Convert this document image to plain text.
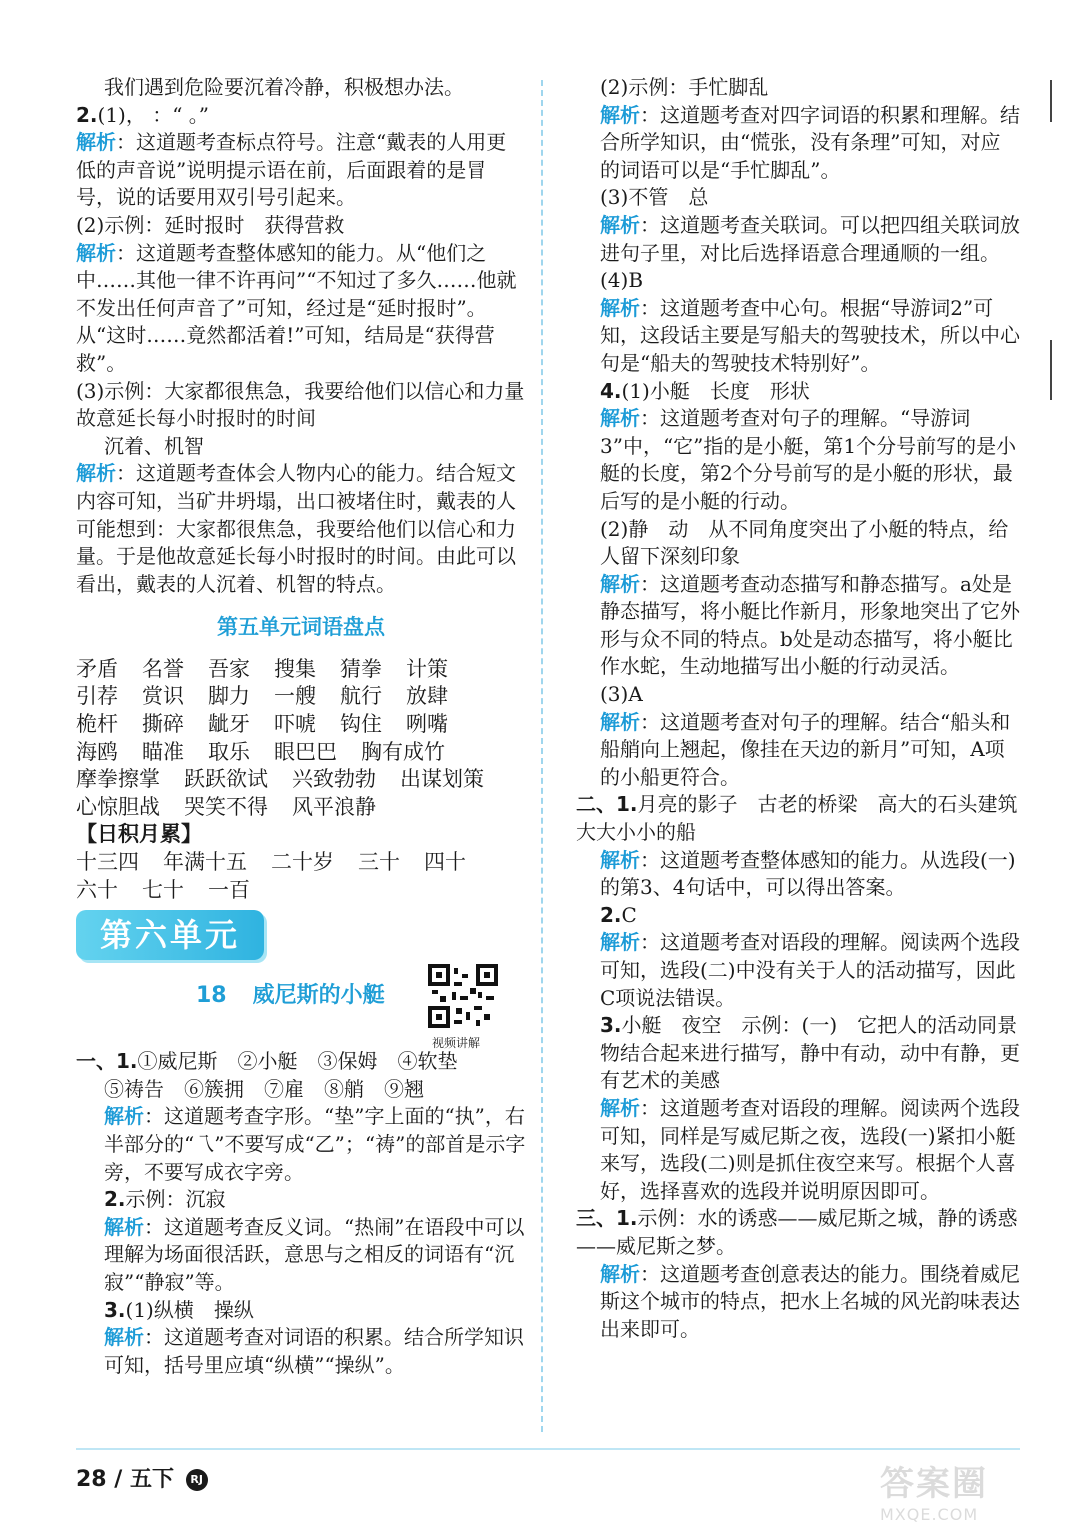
我们遇到危险要沉着冷静，积极想办法。

2.(1)， ：“ 。”

解析：这道题考查标点符号。注意“戴表的人用更低的声音说”说明提示语在前，后面跟着的是冒号，说的话要用双引号引起来。

(2)示例：延时报时　获得营救

解析：这道题考查整体感知的能力。从“他们之中……其他一律不许再问”“不知过了多久……他就不发出任何声音了”可知，经过是“延时报时”。从“这时……竟然都活着!”可知，结局是“获得营救”。

(3)示例：大家都很焦急，我要给他们以信心和力量　故意延长每小时报时的时间

沉着、机智

解析：这道题考查体会人物内心的能力。结合短文内容可知，当矿井坍塌，出口被堵住时，戴表的人可能想到：大家都很焦急，我要给他们以信心和力量。于是他故意延长每小时报时的时间。由此可以看出，戴表的人沉着、机智的特点。

第五单元词语盘点

矛盾 名誉 吾家 搜集 猜拳 计策

引荐 赏识 脚力 一艘 航行 放肆

桅杆 撕碎 龇牙 吓唬 钩住 咧嘴

海鸥 瞄准 取乐 眼巴巴 胸有成竹

摩拳擦掌 跃跃欲试 兴致勃勃 出谋划策

心惊胆战 哭笑不得 风平浪静

【日积月累】

十三四 年满十五 二十岁 三十 四十

六十 七十 一百

第六单元
18 威尼斯的小艇
视频讲解

一、1.①威尼斯　②小艇　③保姆　④软垫

⑤祷告　⑥簇拥　⑦雇　⑧艄　⑨翘

解析：这道题考查字形。“垫”字上面的“执”，右半部分的“乁”不要写成“乙”；“祷”的部首是示字旁，不要写成衣字旁。

2.示例：沉寂

解析：这道题考查反义词。“热闹”在语段中可以理解为场面很活跃，意思与之相反的词语有“沉寂”“静寂”等。

3.(1)纵横　操纵

解析：这道题考查对词语的积累。结合所学知识可知，括号里应填“纵横”“操纵”。

(2)示例：手忙脚乱

解析：这道题考查对四字词语的积累和理解。结合所学知识，由“慌张，没有条理”可知，对应的词语可以是“手忙脚乱”。

(3)不管　总

解析：这道题考查关联词。可以把四组关联词放进句子里，对比后选择语意合理通顺的一组。

(4)B

解析：这道题考查中心句。根据“导游词2”可知，这段话主要是写船夫的驾驶技术，所以中心句是“船夫的驾驶技术特别好”。

4.(1)小艇　长度　形状

解析：这道题考查对句子的理解。“导游词3”中，“它”指的是小艇，第1个分号前写的是小艇的长度，第2个分号前写的是小艇的形状，最后写的是小艇的行动。

(2)静　动　从不同角度突出了小艇的特点，给人留下深刻印象

解析：这道题考查动态描写和静态描写。a处是静态描写，将小艇比作新月，形象地突出了它外形与众不同的特点。b处是动态描写，将小艇比作水蛇，生动地描写出小艇的行动灵活。

(3)A

解析：这道题考查对句子的理解。结合“船头和船艄向上翘起，像挂在天边的新月”可知，A项的小船更符合。

二、1.月亮的影子　古老的桥梁　高大的石头建筑　大大小小的船

解析：这道题考查整体感知的能力。从选段(一)的第3、4句话中，可以得出答案。

2.C

解析：这道题考查对语段的理解。阅读两个选段可知，选段(二)中没有关于人的活动描写，因此C项说法错误。

3.小艇　夜空　示例：(一)　它把人的活动同景物结合起来进行描写，静中有动，动中有静，更有艺术的美感

解析：这道题考查对语段的理解。阅读两个选段可知，同样是写威尼斯之夜，选段(一)紧扣小艇来写，选段(二)则是抓住夜空来写。根据个人喜好，选择喜欢的选段并说明原因即可。

三、1.示例：水的诱惑——威尼斯之城，静的诱惑——威尼斯之梦。

解析：这道题考查创意表达的能力。围绕着威尼斯这个城市的特点，把水上名城的风光韵味表达出来即可。

28 / 五下 RJ	答案圈
MXQE.COM
